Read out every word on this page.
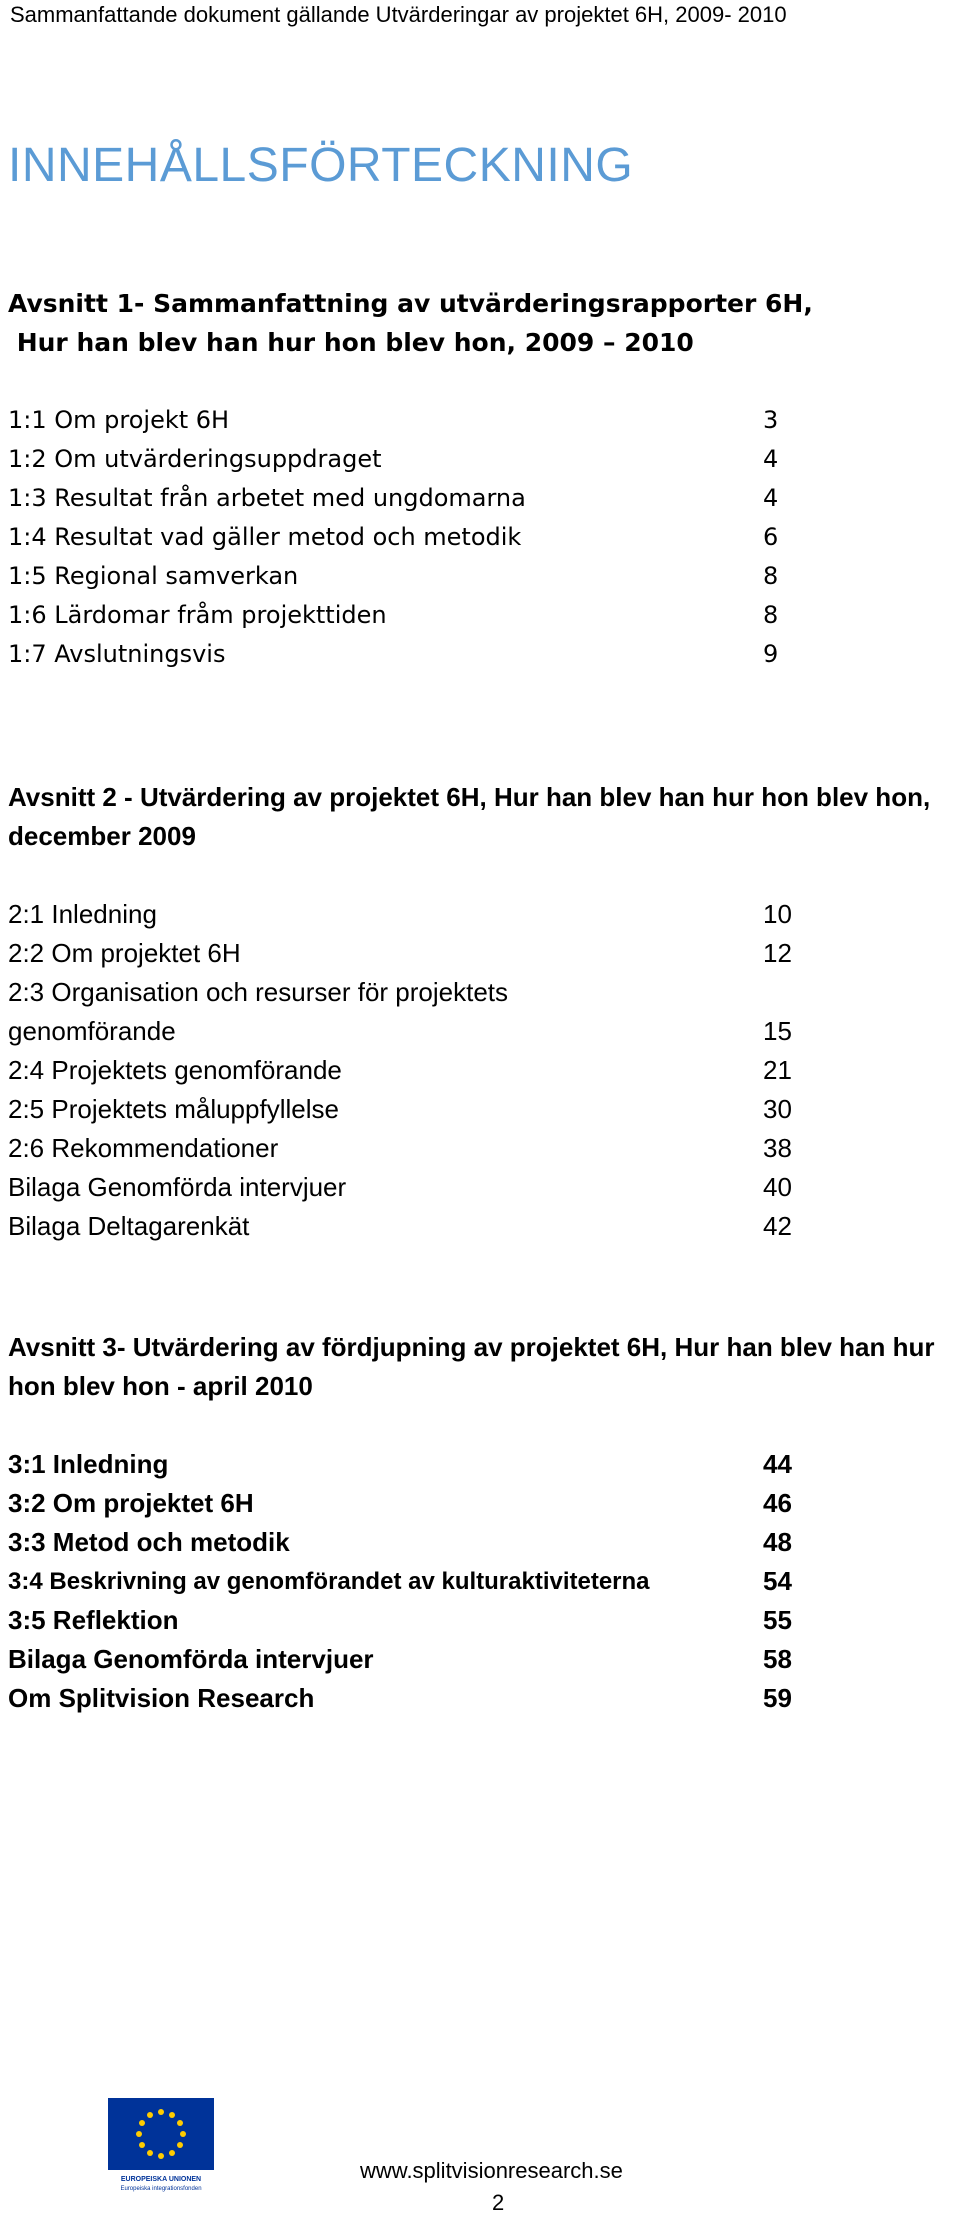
Sammanfattande dokument gällande Utvärderingar av projektet 6H, 2009- 2010
INNEHÅLLSFÖRTECKNING
Avsnitt 1- Sammanfattning av utvärderingsrapporter 6H,
Hur han blev han hur hon blev hon, 2009 – 2010
1:1 Om projekt 6H	3
1:2 Om utvärderingsuppdraget	4
1:3 Resultat från arbetet med ungdomarna	4
1:4 Resultat vad gäller metod och metodik	6
1:5 Regional samverkan	8
1:6 Lärdomar fråm projekttiden	8
1:7 Avslutningsvis	9
Avsnitt 2 - Utvärdering av projektet 6H, Hur han blev han hur hon blev hon, december 2009
2:1 Inledning	10
2:2 Om projektet 6H	12
2:3 Organisation och resurser för projektets genomförande	15
2:4 Projektets genomförande	21
2:5 Projektets måluppfyllelse	30
2:6 Rekommendationer	38
Bilaga Genomförda intervjuer	40
Bilaga Deltagarenkät	42
Avsnitt 3- Utvärdering av fördjupning av projektet 6H, Hur han blev han hur hon blev hon - april 2010
3:1 Inledning	44
3:2 Om projektet 6H	46
3:3 Metod och metodik	48
3:4 Beskrivning av genomförandet av kulturaktiviteterna	54
3:5 Reflektion	55
Bilaga Genomförda intervjuer	58
Om Splitvision Research	59
EUROPEISKA UNIONEN
Europeiska integrationsfonden
www.splitvisionresearch.se
2
